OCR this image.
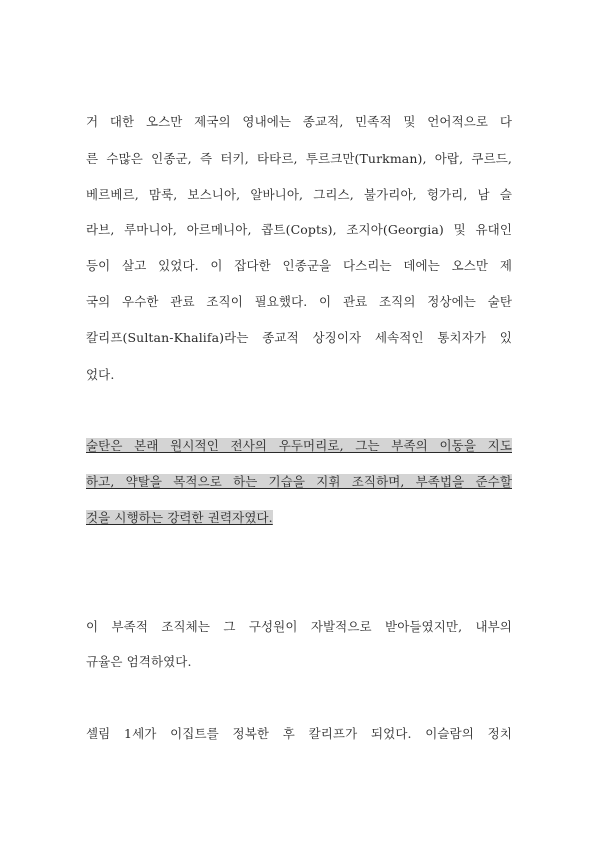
거 대한 오스만 제국의 영내에는 종교적, 민족적 및 언어적으로 다
른 수많은 인종군, 즉 터키, 타타르, 투르크만(Turkman), 아랍, 쿠르드,
베르베르, 맘룩, 보스니아, 알바니아, 그리스, 불가리아, 헝가리, 남 슬
라브, 루마니아, 아르메니아, 콥트(Copts), 조지아(Georgia) 및 유대인
등이 살고 있었다. 이 잡다한 인종군을 다스리는 데에는 오스만 제
국의 우수한 관료 조직이 필요했다. 이 관료 조직의 정상에는 술탄
칼리프(Sultan-Khalifa)라는 종교적 상징이자 세속적인 통치자가 있
었다.
술탄은 본래 원시적인 전사의 우두머리로, 그는 부족의 이동을 지도
하고, 약탈을 목적으로 하는 기습을 지휘 조직하며, 부족법을 준수할
것을 시행하는 강력한 권력자였다.
이 부족적 조직체는 그 구성원이 자발적으로 받아들였지만, 내부의
규율은 엄격하였다.
셀림 1세가 이집트를 정복한 후 칼리프가 되었다. 이슬람의 정치
